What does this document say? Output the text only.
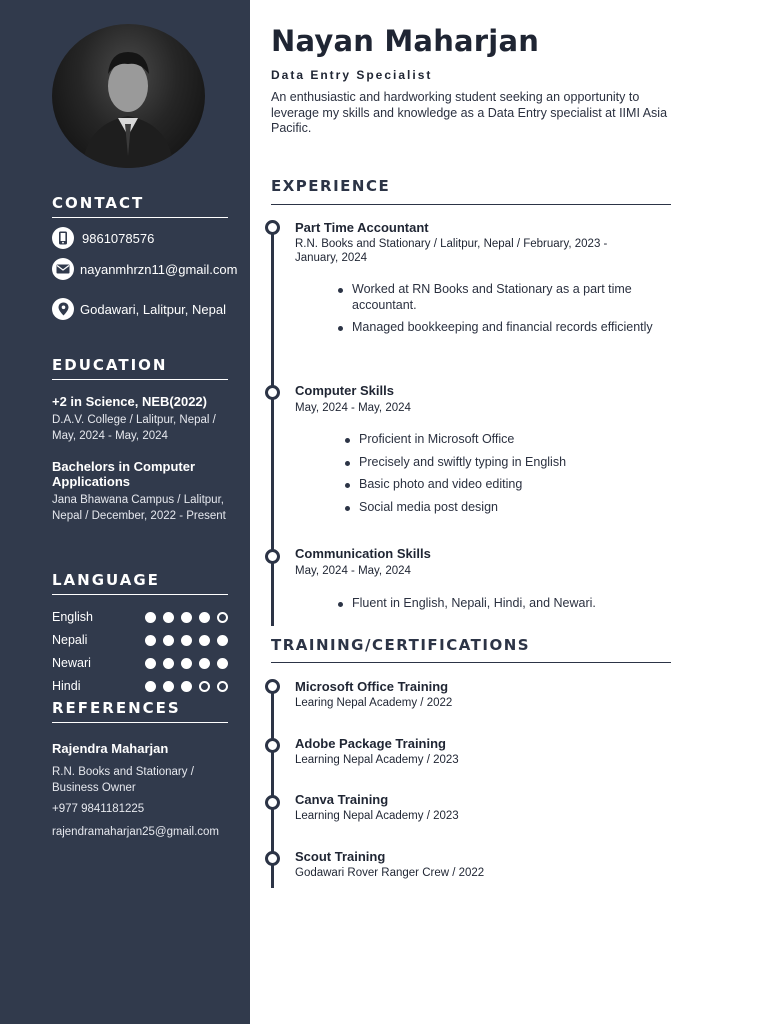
CONTACT
9861078576
nayanmhrzn11@gmail.com
Godawari, Lalitpur, Nepal
EDUCATION
+2 in Science, NEB(2022)
D.A.V. College / Lalitpur, Nepal / May, 2024 - May, 2024
Bachelors in Computer Applications
Jana Bhawana Campus / Lalitpur, Nepal / December, 2022 - Present
LANGUAGE
English
Nepali
Newari
Hindi
REFERENCES
Rajendra Maharjan
R.N. Books and Stationary / Business Owner
+977 9841181225
rajendramaharjan25@gmail.com
Nayan Maharjan
Data Entry Specialist
An enthusiastic and hardworking student seeking an opportunity to leverage my skills and knowledge as a Data Entry specialist at IIMI Asia Pacific.
EXPERIENCE
Part Time Accountant
R.N. Books and Stationary / Lalitpur, Nepal / February, 2023 - January, 2024
Worked at RN Books and Stationary as a part time accountant.
Managed bookkeeping and financial records efficiently
Computer Skills
May, 2024 - May, 2024
Proficient in Microsoft Office
Precisely and swiftly typing in English
Basic photo and video editing
Social media post design
Communication Skills
May, 2024 - May, 2024
Fluent in English, Nepali, Hindi, and Newari.
TRAINING/CERTIFICATIONS
Microsoft Office Training
Learing Nepal Academy / 2022
Adobe Package Training
Learning Nepal Academy / 2023
Canva Training
Learning Nepal Academy / 2023
Scout Training
Godawari Rover Ranger Crew / 2022
